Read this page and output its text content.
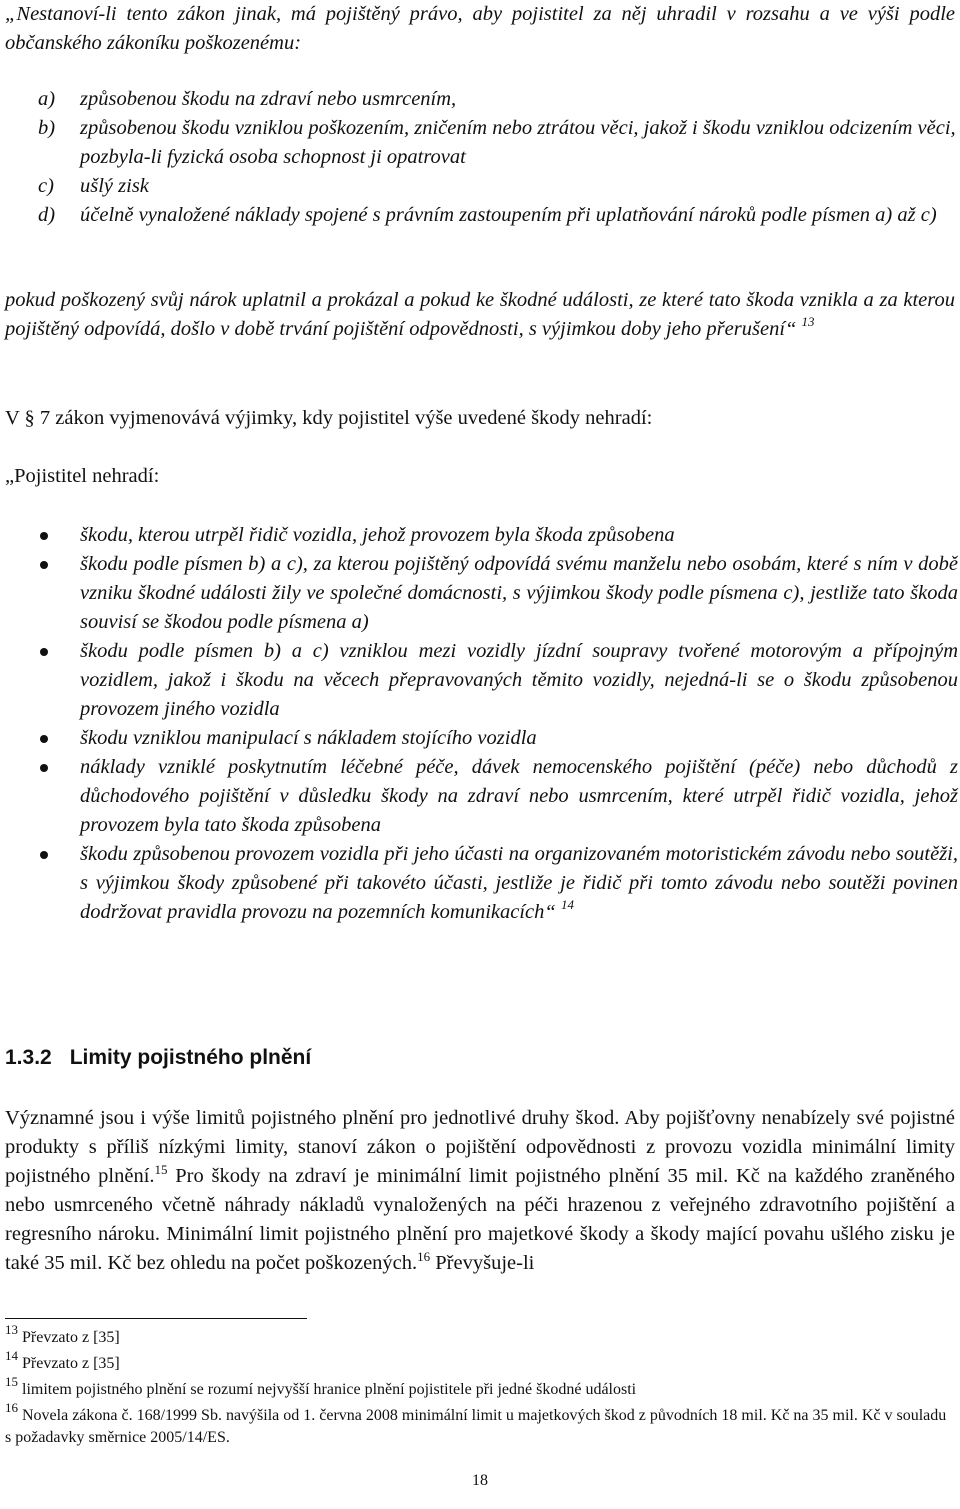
„Nestanoví-li tento zákon jinak, má pojištěný právo, aby pojistitel za něj uhradil v rozsahu a ve výši podle občanského zákoníku poškozenému:

a)	způsobenou škodu na zdraví nebo usmrcením,
b)	způsobenou škodu vzniklou poškozením, zničením nebo ztrátou věci, jakož i škodu vzniklou odcizením věci, pozbyla-li fyzická osoba schopnost ji opatrovat
c)	ušlý zisk
d)	účelně vynaložené náklady spojené s právním zastoupením při uplatňování nároků podle písmen a) až c)

pokud poškozený svůj nárok uplatnil a prokázal a pokud ke škodné události, ze které tato škoda vznikla a za kterou pojištěný odpovídá, došlo v době trvání pojištění odpovědnosti, s výjimkou doby jeho přerušení“ $^{13}$

V § 7 zákon vyjmenovává výjimky, kdy pojistitel výše uvedené škody nehradí:

„Pojistitel nehradí:

škodu, kterou utrpěl řidič vozidla, jehož provozem byla škoda způsobena
škodu podle písmen b) a c), za kterou pojištěný odpovídá svému manželu nebo osobám, které s ním v době vzniku škodné události žily ve společné domácnosti, s výjimkou škody podle písmena c), jestliže tato škoda souvisí se škodou podle písmena a)
škodu podle písmen b) a c) vzniklou mezi vozidly jízdní soupravy tvořené motorovým a přípojným vozidlem, jakož i škodu na věcech přepravovaných těmito vozidly, nejedná-li se o škodu způsobenou provozem jiného vozidla
škodu vzniklou manipulací s nákladem stojícího vozidla
náklady vzniklé poskytnutím léčebné péče, dávek nemocenského pojištění (péče) nebo důchodů z důchodového pojištění v důsledku škody na zdraví nebo usmrcením, které utrpěl řidič vozidla, jehož provozem byla tato škoda způsobena
škodu způsobenou provozem vozidla při jeho účasti na organizovaném motoristickém závodu nebo soutěži, s výjimkou škody způsobené při takovéto účasti, jestliže je řidič při tomto závodu nebo soutěži povinen dodržovat pravidla provozu na pozemních komunikacích“ $^{14}$
1.3.2 Limity pojistného plnění

Významné jsou i výše limitů pojistného plnění pro jednotlivé druhy škod. Aby pojišťovny nenabízely své pojistné produkty s příliš nízkými limity, stanoví zákon o pojištění odpovědnosti z provozu vozidla minimální limity pojistného plnění.$^{15}$ Pro škody na zdraví je minimální limit pojistného plnění 35 mil. Kč na každého zraněného nebo usmrceného včetně náhrady nákladů vynaložených na péči hrazenou z veřejného zdravotního pojištění a regresního nároku. Minimální limit pojistného plnění pro majetkové škody a škody mající povahu ušlého zisku je také 35 mil. Kč bez ohledu na počet poškozených.$^{16}$ Převyšuje-li

$^{13}$ Převzato z [35]
$^{14}$ Převzato z [35]
$^{15}$ limitem pojistného plnění se rozumí nejvyšší hranice plnění pojistitele při jedné škodné události
$^{16}$ Novela zákona č. 168/1999 Sb. navýšila od 1. června 2008 minimální limit u majetkových škod z původních 18 mil. Kč na 35 mil. Kč v souladu s požadavky směrnice 2005/14/ES.
18
